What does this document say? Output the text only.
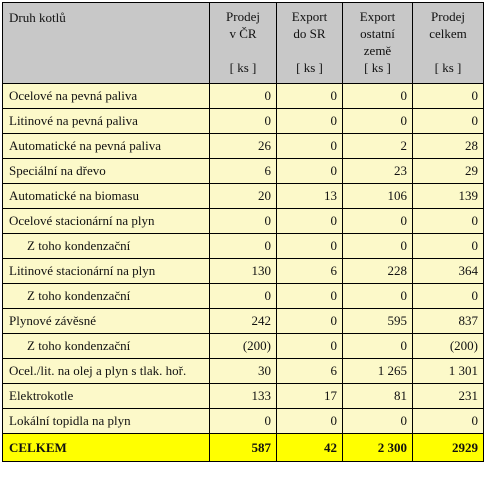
Druh kotlů	Prodej
v ČR
[ ks ]	Export
do SR
[ ks ]	Export
ostatní
země
[ ks ]	Prodej
celkem
[ ks ]

Ocelové na pevná paliva	0	0	0	0
Litinové na pevná paliva	0	0	0	0
Automatické na pevná paliva	26	0	2	28
Speciální na dřevo	6	0	23	29
Automatické na biomasu	20	13	106	139
Ocelové stacionární na plyn	0	0	0	0
Z toho kondenzační	0	0	0	0
Litinové stacionární na plyn	130	6	228	364
Z toho kondenzační	0	0	0	0
Plynové závěsné	242	0	595	837
Z toho kondenzační	(200)	0	0	(200)
Ocel./lit. na olej a plyn s tlak. hoř.	30	6	1 265	1 301
Elektrokotle	133	17	81	231
Lokální topidla na plyn	0	0	0	0
CELKEM	587	42	2 300	2929
